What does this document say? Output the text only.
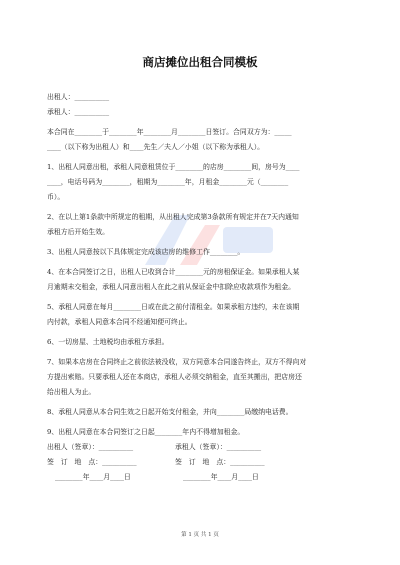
商店摊位出租合同模板
出租人：__________
承租人：__________
本合同在________于________年________月________日签订。合同双方为：_____
____（以下称为出租人）和____先生／夫人／小姐（以下称为承租人）。
1、出租人同意出租，承租人同意租赁位于________的店房________间，房号为____
____，电话号码为________，租期为________年，月租金________元（________
币）。
2、在以上第1条款中所规定的租期，从出租人完成第3条款所有规定并在7天内通知
承租方后开始生效。
3、出租人同意按以下具体规定完成该店房的维修工作________。
4、在本合同签订之日，出租人已收到合计________元的房租保证金。如果承租人某
月逾期未交租金，承租人同意出租人在此之前从保证金中扣除应收款项作为租金。
5、承租人同意在每月________日或在此之前付清租金。如果承租方违约，未在该期
内付款，承租人同意本合同不经通知便可终止。
6、一切房屋、土地税均由承租方承担。
7、如果本店房在合同终止之前依法被没收，双方同意本合同遂告终止，双方不得向对
方提出索赔。只要承租人还在本商店，承租人必须交纳租金，直至其搬出，把店房还
给出租人为止。
8、承租人同意从本合同生效之日起开始支付租金，并向________局缴纳电话费。
9、出租人同意在本合同签订之日起________年内不得增加租金。
出租人（签章）：__________	承租人（签章）：__________
签　订　地　点：__________	签　订　地　点：__________
________年____月____日	________年____月____日
第 1 页 共 1 页
